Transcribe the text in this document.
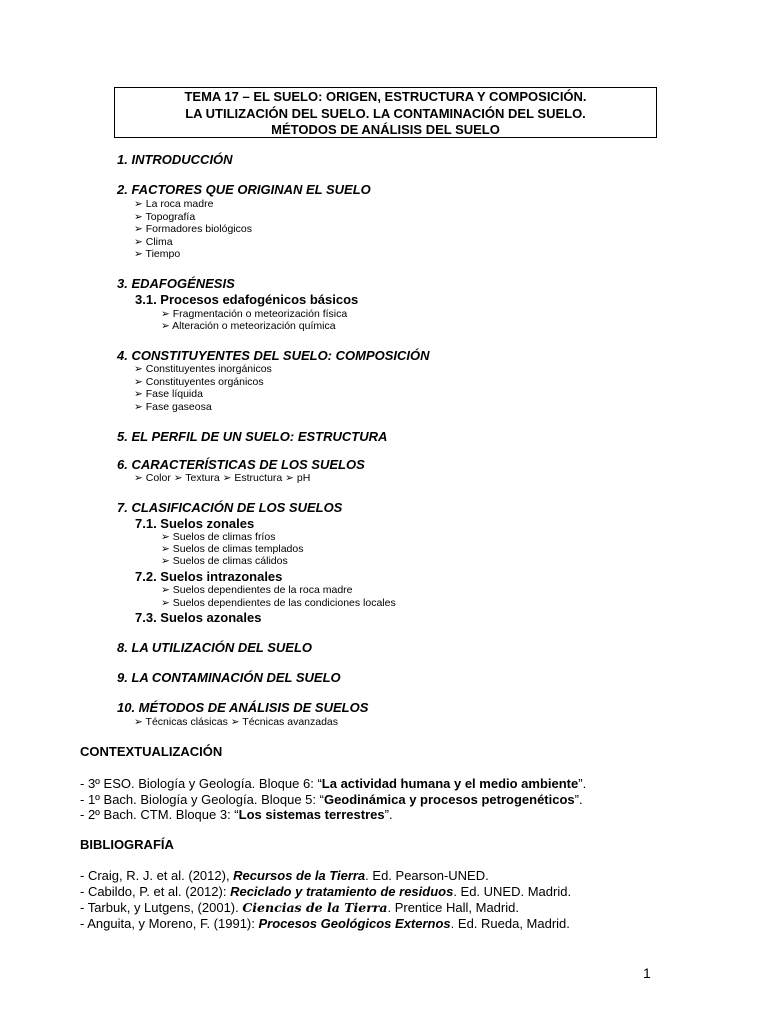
TEMA 17 – EL SUELO: ORIGEN, ESTRUCTURA Y COMPOSICIÓN.
LA UTILIZACIÓN DEL SUELO. LA CONTAMINACIÓN DEL SUELO.
MÉTODOS DE ANÁLISIS DEL SUELO
1. INTRODUCCIÓN
2. FACTORES QUE ORIGINAN EL SUELO
➢ La roca madre
➢ Topografía
➢ Formadores biológicos
➢ Clima
➢ Tiempo
3. EDAFOGÉNESIS
3.1. Procesos edafogénicos básicos
➢ Fragmentación o meteorización física
➢ Alteración o meteorización química
4. CONSTITUYENTES DEL SUELO: COMPOSICIÓN
➢ Constituyentes inorgánicos
➢ Constituyentes orgánicos
➢ Fase líquida
➢ Fase gaseosa
5. EL PERFIL DE UN SUELO: ESTRUCTURA
6. CARACTERÍSTICAS DE LOS SUELOS
➢ Color ➢ Textura ➢ Estructura ➢ pH
7. CLASIFICACIÓN DE LOS SUELOS
7.1. Suelos zonales
➢ Suelos de climas fríos
➢ Suelos de climas templados
➢ Suelos de climas cálidos
7.2. Suelos intrazonales
➢ Suelos dependientes de la roca madre
➢ Suelos dependientes de las condiciones locales
7.3. Suelos azonales
8. LA UTILIZACIÓN DEL SUELO
9. LA CONTAMINACIÓN DEL SUELO
10. MÉTODOS DE ANÁLISIS DE SUELOS
➢ Técnicas clásicas ➢ Técnicas avanzadas
CONTEXTUALIZACIÓN
- 3º ESO. Biología y Geología. Bloque 6: “La actividad humana y el medio ambiente”.
- 1º Bach. Biología y Geología. Bloque 5: “Geodinámica y procesos petrogenéticos”.
- 2º Bach. CTM. Bloque 3: “Los sistemas terrestres”.
BIBLIOGRAFÍA
- Craig, R. J. et al. (2012), Recursos de la Tierra. Ed. Pearson-UNED.
- Cabildo, P. et al. (2012): Reciclado y tratamiento de residuos. Ed. UNED. Madrid.
- Tarbuk, y Lutgens, (2001). Ciencias de la Tierra. Prentice Hall, Madrid.
- Anguita, y Moreno, F. (1991): Procesos Geológicos Externos. Ed. Rueda, Madrid.
1
